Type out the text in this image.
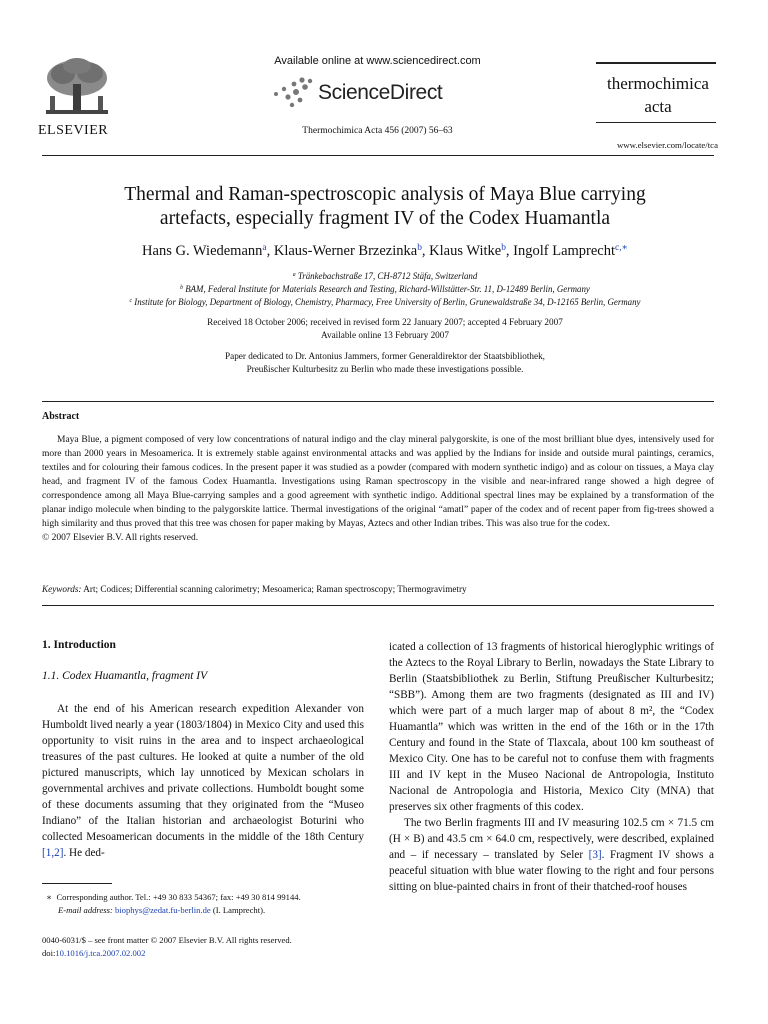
ELSEVIER
Available online at www.sciencedirect.com
ScienceDirect
Thermochimica Acta 456 (2007) 56–63
thermochimica
acta
www.elsevier.com/locate/tca
Thermal and Raman-spectroscopic analysis of Maya Blue carrying
artefacts, especially fragment IV of the Codex Huamantla
Hans G. Wiedemann$^a$, Klaus-Werner Brzezinka$^b$, Klaus Witke$^b$, Ingolf Lamprecht$^{c,∗}$
$^a$ Tränkebachstraße 17, CH-8712 Stäfa, Switzerland
$^b$ BAM, Federal Institute for Materials Research and Testing, Richard-Willstätter-Str. 11, D-12489 Berlin, Germany
$^c$ Institute for Biology, Department of Biology, Chemistry, Pharmacy, Free University of Berlin, Grunewaldstraße 34, D-12165 Berlin, Germany
Received 18 October 2006; received in revised form 22 January 2007; accepted 4 February 2007
Available online 13 February 2007
Paper dedicated to Dr. Antonius Jammers, former Generaldirektor der Staatsbibliothek,
Preußischer Kulturbesitz zu Berlin who made these investigations possible.
Abstract

Maya Blue, a pigment composed of very low concentrations of natural indigo and the clay mineral palygorskite, is one of the most brilliant blue dyes, intensively used for more than 2000 years in Mesoamerica. It is extremely stable against environmental attacks and was applied by the Indians for inside and outside mural paintings, ceramics, textiles and for colouring their famous codices. In the present paper it was studied as a powder (compared with modern synthetic indigo) and as colour on tissues, a Maya clay head, and fragment IV of the famous Codex Huamantla. Investigations using Raman spectroscopy in the visible and near-infrared range showed a high degree of correspondence among all Maya Blue-carrying samples and a good agreement with synthetic indigo. Additional spectral lines may be explained by a transformation of the planar indigo molecule when binding to the palygorskite lattice. Thermal investigations of the original “amatl” paper of the codex and of recent paper from fig-trees showed a high similarity and thus proved that this tree was chosen for paper making by Mayas, Aztecs and other Indian tribes. This was also true for the codex.

© 2007 Elsevier B.V. All rights reserved.

Keywords: Art; Codices; Differential scanning calorimetry; Mesoamerica; Raman spectroscopy; Thermogravimetry
1. Introduction
1.1. Codex Huamantla, fragment IV

At the end of his American research expedition Alexander von Humboldt lived nearly a year (1803/1804) in Mexico City and used this opportunity to visit ruins in the area and to inspect archaeological treasures of the past cultures. He looked at quite a number of the old pictured manuscripts, which lay unnoticed by Mexican scholars in governmental archives and private collections. Humboldt bought some of these documents assuming that they originated from the “Museo Indiano” of the Italian historian and archaeologist Boturini who collected Mesoamerican documents in the middle of the 18th Century [1,2]. He ded-

∗ Corresponding author. Tel.: +49 30 833 54367; fax: +49 30 814 99144.
E-mail address: biophys@zedat.fu-berlin.de (I. Lamprecht).
0040-6031/$ – see front matter © 2007 Elsevier B.V. All rights reserved.
doi:10.1016/j.tca.2007.02.002

icated a collection of 13 fragments of historical hieroglyphic writings of the Aztecs to the Royal Library to Berlin, nowadays the State Library to Berlin (Staatsbibliothek zu Berlin, Stiftung Preußischer Kulturbesitz; “SBB”). Among them are two fragments (designated as III and IV) which were part of a much larger map of about 8 m², the “Codex Huamantla” which was written in the end of the 16th or in the 17th Century and found in the State of Tlaxcala, about 100 km southeast of Mexico City. One has to be careful not to confuse them with fragments III and IV kept in the Museo Nacional de Antropologia, Instituto Nacional de Antropologia and Historia, Mexico City (MNA) that preserves six other fragments of this codex.

The two Berlin fragments III and IV measuring 102.5 cm × 71.5 cm (H × B) and 43.5 cm × 64.0 cm, respectively, were described, explained and – if necessary – translated by Seler [3]. Fragment IV shows a peaceful situation with blue water flowing to the right and four persons sitting on blue-painted chairs in front of their thatched-roof houses
